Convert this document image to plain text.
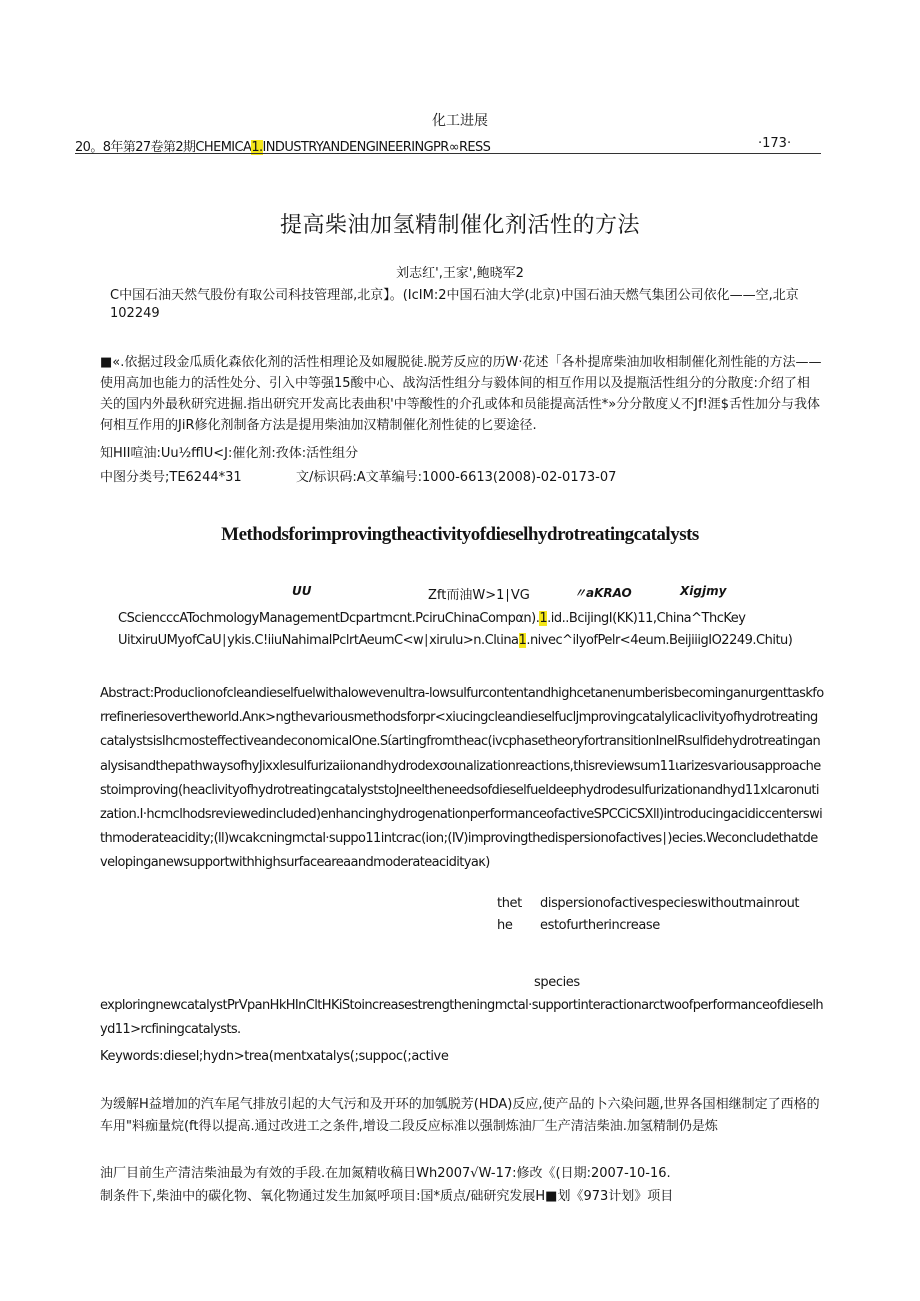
化工进展
20。8年第27卷第2期CHEMICA1.INDUSTRYANDENGINEERINGPR∞RESS	·173·
提高柴油加氢精制催化剂活性的方法
刘志红',王家',鲍晓军2
C中国石油天然气股份有取公司科技管理部,北京】。(IcIM:2中国石油大学(北京)中国石油天燃气集团公司依化——空,北京102249
■«.依据过段金瓜质化森依化剂的活性相理论及如履脱徒.脱芳反应的历W·花述「各朴提席柴油加收相制催化剂性能的方法——使用高加也能力的活性处分、引入中等强15酸中心、战沟活性组分与毅体间的相互作用以及提瓶活性组分的分散度:介绍了相关的国内外最秋研究进掘.指出研究开发高比表曲积'中等酸性的介孔或体和员能提高活性*»分分散度乂不Jf!涯$舌性加分与我体何相互作用的JiR修化剂制备方法是提用柴油加汉精制催化剂性徒的匕要途径.
知HII喧油:Uu½fflU<J:催化剂:孜体:活性组分
中图分类号;TE6244*31	文/标识码:A文革编号:1000-6613(2008)-02-0173-07
Methodsforimprovingtheactivityofdieselhydrotreatingcatalysts
UU	Zft而油W>1∣VG	〃aKRAO	Xigjmy
CSciencccATochmologyManagementDcpartmcnt.PciruChinaCompαn).1.id..BcijingI(KK)11,China^ThcKey
UitxiruUMyofCaU∣ykis.C!iiuNahimalPclrtAeumC<w∣xirulu>n.Clιina1.nivec^ilyofPelr<4eum.BeijiiigIO2249.Chitu)
Abstract:Produclionofcleandieselfuelwithalowevenultra-lowsulfurcontentandhighcetanenumberisbecominganurgenttaskforrefineriesovertheworld.Anκ>ngthevariousmethodsforpr<xiucingcleandieselfucljmprovingcatalylicaclivityofhydrotreatingcatalystsisIhcmosteffectiveandeconomicalOne.Sίartingfromtheac(ivcphasetheoryfortransitionIneIRsulfidehydrotreatinganalysisandthepathwaysofhyJixxlesulfurizaiionandhydrodexσoιnalizationreactions,thisreviewsum11ιarizesvariousapproachestoimproving(heaclivityofhydrotreatingcatalyststoJneeltheneedsofdieselfueldeephydrodesulfurizationandhyd11xlcaronutization.I·hcmclhodsreviewedincluded)enhancinghydrogenationperformanceofactiveSPCCiCSXll)introducingacidiccenterswithmoderateacidity;(ll)wcakcningmctal·suppo11intcrac(ion;(IV)improvingthedispersionofactives∣)ecies.Weconcludethatdevelopinganewsupportwithhighsurfaceareaandmoderateacidityaκ)
thet dispersionofactivespecieswithoutmainrout
he estofurtherincrease
species
exploringnewcatalystPrVpanHkHInCltHKiStoincreasestrengtheningmctal·supportinteractionarctwoofperformanceofdieselhyd11>rcfiningcatalysts.
Keywords:diesel;hydn>trea(mentxatalys(;suppoc(;active
为缓解H益增加的汽车尾气排放引起的大气污和及开环的加瓠脱芳(HDA)反应,使产品的卜六染问题,世界各国相继制定了西格的车用"料痂量烷(ft得以提高.通过改进工之条件,增设二段反应标准以强制炼油厂生产清洁柴油.加氢精制仍是炼
油厂目前生产清洁柴油最为有效的手段.在加氮精收稿日Wh2007√W-17:修改《(日期:2007-10-16.
制条件下,柴油中的碳化物、氧化物通过发生加氮呼项目:国*质点/础研究发展H■划《973计划》项目
